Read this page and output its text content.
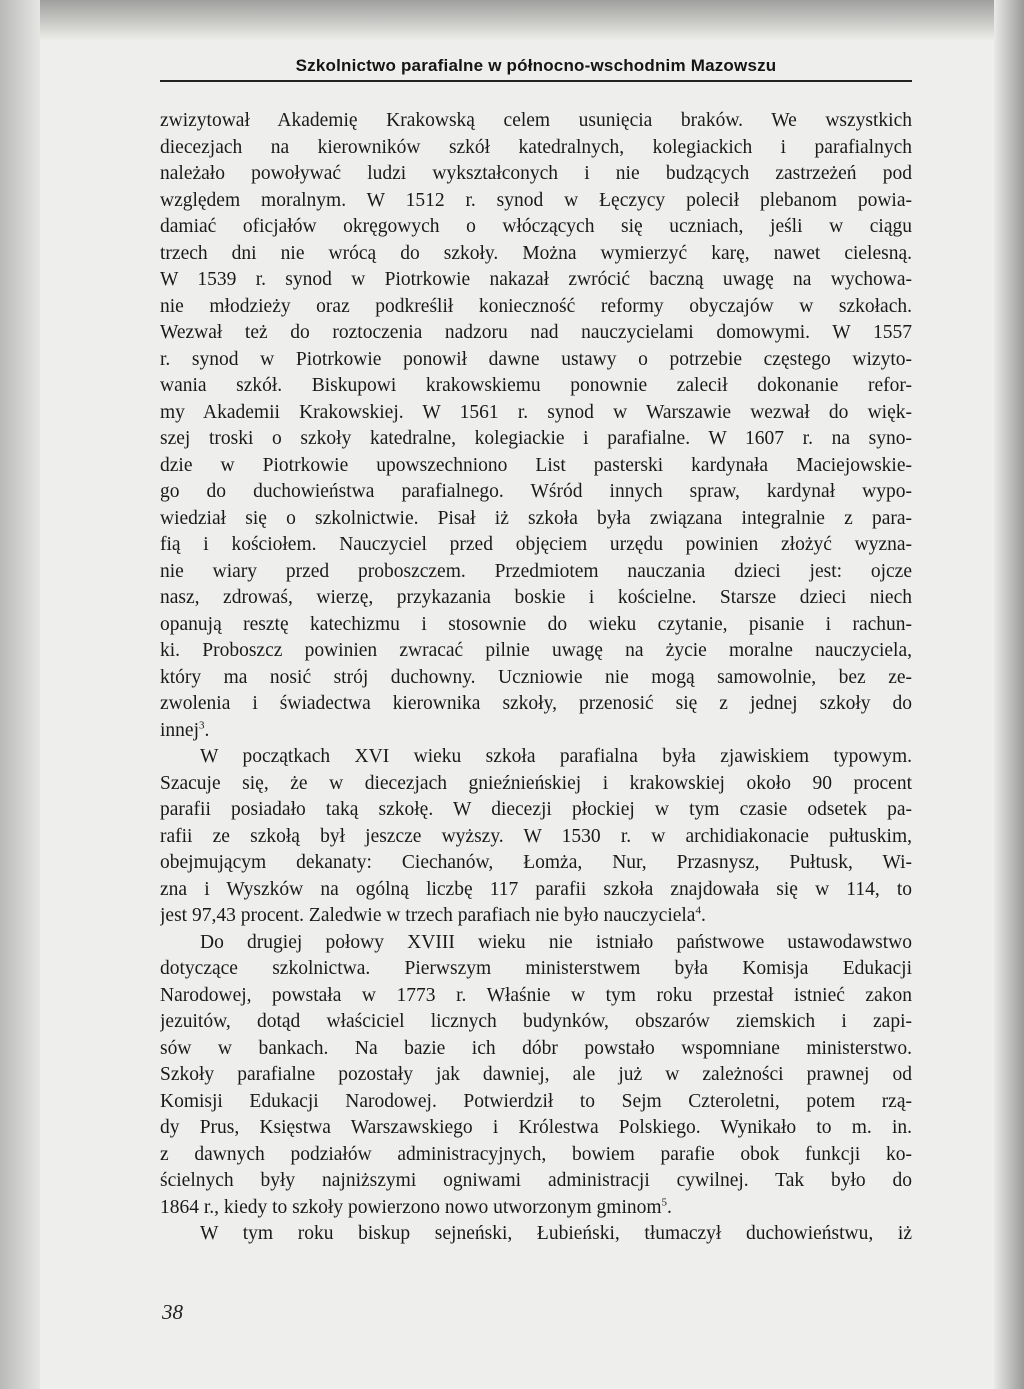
Szkolnictwo parafialne w północno-wschodnim Mazowszu
zwizytował Akademię Krakowską celem usunięcia braków. We wszystkich
diecezjach na kierowników szkół katedralnych, kolegiackich i parafialnych
należało powoływać ludzi wykształconych i nie budzących zastrzeżeń pod
względem moralnym. W 1512 r. synod w Łęczycy polecił plebanom powia-
damiać oficjałów okręgowych o włóczących się uczniach, jeśli w ciągu
trzech dni nie wrócą do szkoły. Można wymierzyć karę, nawet cielesną.
W 1539 r. synod w Piotrkowie nakazał zwrócić baczną uwagę na wychowa-
nie młodzieży oraz podkreślił konieczność reformy obyczajów w szkołach.
Wezwał też do roztoczenia nadzoru nad nauczycielami domowymi. W 1557
r. synod w Piotrkowie ponowił dawne ustawy o potrzebie częstego wizyto-
wania szkół. Biskupowi krakowskiemu ponownie zalecił dokonanie refor-
my Akademii Krakowskiej. W 1561 r. synod w Warszawie wezwał do więk-
szej troski o szkoły katedralne, kolegiackie i parafialne. W 1607 r. na syno-
dzie w Piotrkowie upowszechniono List pasterski kardynała Maciejowskie-
go do duchowieństwa parafialnego. Wśród innych spraw, kardynał wypo-
wiedział się o szkolnictwie. Pisał iż szkoła była związana integralnie z para-
fią i kościołem. Nauczyciel przed objęciem urzędu powinien złożyć wyzna-
nie wiary przed proboszczem. Przedmiotem nauczania dzieci jest: ojcze
nasz, zdrowaś, wierzę, przykazania boskie i kościelne. Starsze dzieci niech
opanują resztę katechizmu i stosownie do wieku czytanie, pisanie i rachun-
ki. Proboszcz powinien zwracać pilnie uwagę na życie moralne nauczyciela,
który ma nosić strój duchowny. Uczniowie nie mogą samowolnie, bez ze-
zwolenia i świadectwa kierownika szkoły, przenosić się z jednej szkoły do
innej$^3$.
W początkach XVI wieku szkoła parafialna była zjawiskiem typowym.
Szacuje się, że w diecezjach gnieźnieńskiej i krakowskiej około 90 procent
parafii posiadało taką szkołę. W diecezji płockiej w tym czasie odsetek pa-
rafii ze szkołą był jeszcze wyższy. W 1530 r. w archidiakonacie pułtuskim,
obejmującym dekanaty: Ciechanów, Łomża, Nur, Przasnysz, Pułtusk, Wi-
zna i Wyszków na ogólną liczbę 117 parafii szkoła znajdowała się w 114, to
jest 97,43 procent. Zaledwie w trzech parafiach nie było nauczyciela$^4$.
Do drugiej połowy XVIII wieku nie istniało państwowe ustawodawstwo
dotyczące szkolnictwa. Pierwszym ministerstwem była Komisja Edukacji
Narodowej, powstała w 1773 r. Właśnie w tym roku przestał istnieć zakon
jezuitów, dotąd właściciel licznych budynków, obszarów ziemskich i zapi-
sów w bankach. Na bazie ich dóbr powstało wspomniane ministerstwo.
Szkoły parafialne pozostały jak dawniej, ale już w zależności prawnej od
Komisji Edukacji Narodowej. Potwierdził to Sejm Czteroletni, potem rzą-
dy Prus, Księstwa Warszawskiego i Królestwa Polskiego. Wynikało to m. in.
z dawnych podziałów administracyjnych, bowiem parafie obok funkcji ko-
ścielnych były najniższymi ogniwami administracji cywilnej. Tak było do
1864 r., kiedy to szkoły powierzono nowo utworzonym gminom$^5$.
W tym roku biskup sejneński, Łubieński, tłumaczył duchowieństwu, iż
38
